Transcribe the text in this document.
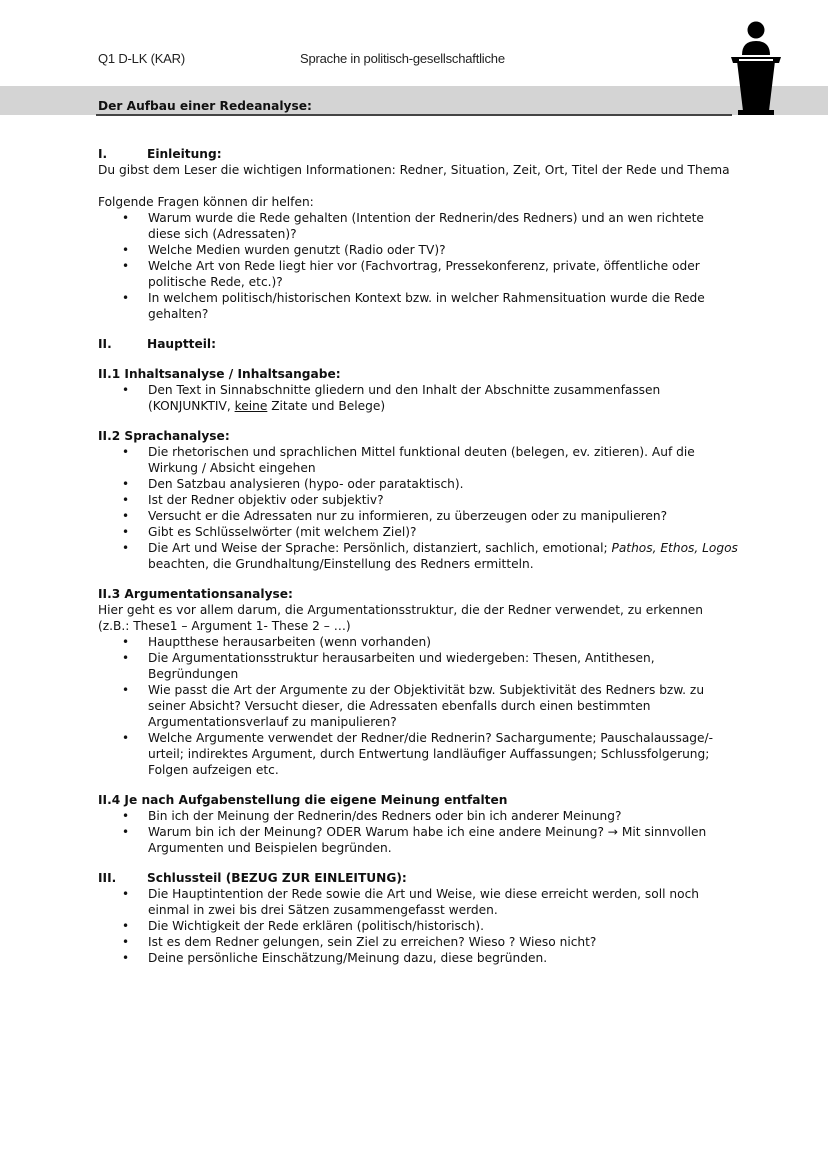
Q1 D-LK (KAR)	Sprache in politisch-gesellschaftliche
Der Aufbau einer Redeanalyse:
I.	Einleitung:

Du gibst dem Leser die wichtigen Informationen: Redner, Situation, Zeit, Ort, Titel der Rede und Thema

Folgende Fragen können dir helfen:

• Warum wurde die Rede gehalten (Intention der Rednerin/des Redners) und an wen richtete diese sich (Adressaten)?
• Welche Medien wurden genutzt (Radio oder TV)?
• Welche Art von Rede liegt hier vor (Fachvortrag, Pressekonferenz, private, öffentliche oder politische Rede, etc.)?
• In welchem politisch/historischen Kontext bzw. in welcher Rahmensituation wurde die Rede gehalten?
II.	Hauptteil:
II.1 Inhaltsanalyse / Inhaltsangabe:
• Den Text in Sinnabschnitte gliedern und den Inhalt der Abschnitte zusammenfassen (KONJUNKTIV, keine Zitate und Belege)
II.2 Sprachanalyse:
• Die rhetorischen und sprachlichen Mittel funktional deuten (belegen, ev. zitieren). Auf die Wirkung / Absicht eingehen
• Den Satzbau analysieren (hypo- oder parataktisch).
• Ist der Redner objektiv oder subjektiv?
• Versucht er die Adressaten nur zu informieren, zu überzeugen oder zu manipulieren?
• Gibt es Schlüsselwörter (mit welchem Ziel)?
• Die Art und Weise der Sprache: Persönlich, distanziert, sachlich, emotional; Pathos, Ethos, Logos beachten, die Grundhaltung/Einstellung des Redners ermitteln.
II.3 Argumentationsanalyse:

Hier geht es vor allem darum, die Argumentationsstruktur, die der Redner verwendet, zu erkennen (z.B.: These1 – Argument 1- These 2 – …)

• Hauptthese herausarbeiten (wenn vorhanden)
• Die Argumentationsstruktur herausarbeiten und wiedergeben: Thesen, Antithesen, Begründungen
• Wie passt die Art der Argumente zu der Objektivität bzw. Subjektivität des Redners bzw. zu seiner Absicht? Versucht dieser, die Adressaten ebenfalls durch einen bestimmten Argumentationsverlauf zu manipulieren?
• Welche Argumente verwendet der Redner/die Rednerin? Sachargumente; Pauschalaussage/-urteil; indirektes Argument, durch Entwertung landläufiger Auffassungen; Schlussfolgerung; Folgen aufzeigen etc.
II.4 Je nach Aufgabenstellung die eigene Meinung entfalten
• Bin ich der Meinung der Rednerin/des Redners oder bin ich anderer Meinung?
• Warum bin ich der Meinung? ODER Warum habe ich eine andere Meinung? → Mit sinnvollen Argumenten und Beispielen begründen.
III.	Schlussteil (BEZUG ZUR EINLEITUNG):
• Die Hauptintention der Rede sowie die Art und Weise, wie diese erreicht werden, soll noch einmal in zwei bis drei Sätzen zusammengefasst werden.
• Die Wichtigkeit der Rede erklären (politisch/historisch).
• Ist es dem Redner gelungen, sein Ziel zu erreichen? Wieso ? Wieso nicht?
• Deine persönliche Einschätzung/Meinung dazu, diese begründen.
